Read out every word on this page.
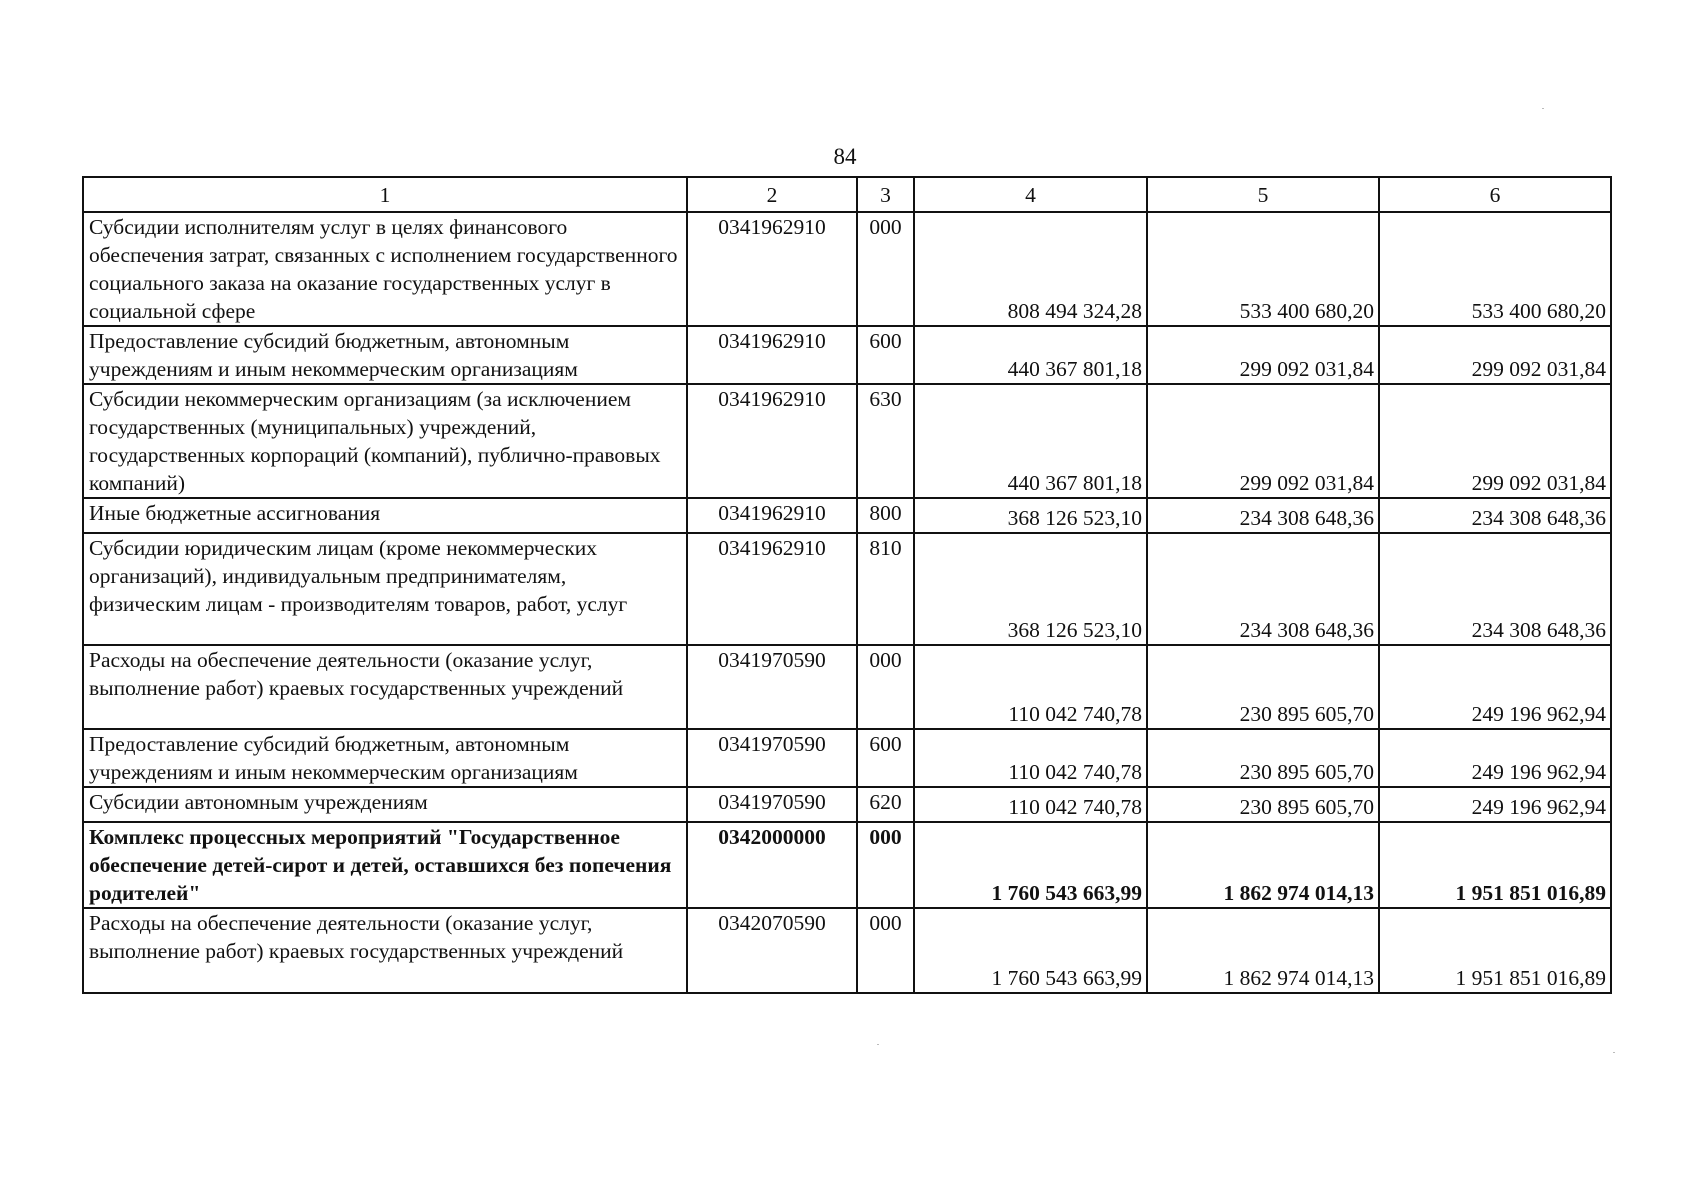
84
1	2	3	4	5	6
Субсидии исполнителям услуг в целях финансового обеспечения затрат, связанных с исполнением государственного социального заказа на оказание государственных услуг в социальной сфере	0341962910	000	808 494 324,28	533 400 680,20	533 400 680,20
Предоставление субсидий бюджетным, автономным учреждениям и иным некоммерческим организациям	0341962910	600	440 367 801,18	299 092 031,84	299 092 031,84
Субсидии некоммерческим организациям (за исключением государственных (муниципальных) учреждений, государственных корпораций (компаний), публично-правовых компаний)	0341962910	630	440 367 801,18	299 092 031,84	299 092 031,84
Иные бюджетные ассигнования	0341962910	800	368 126 523,10	234 308 648,36	234 308 648,36
Субсидии юридическим лицам (кроме некоммерческих организаций), индивидуальным предпринимателям, физическим лицам - производителям товаров, работ, услуг	0341962910	810	368 126 523,10	234 308 648,36	234 308 648,36
Расходы на обеспечение деятельности (оказание услуг, выполнение работ) краевых государственных учреждений	0341970590	000	110 042 740,78	230 895 605,70	249 196 962,94
Предоставление субсидий бюджетным, автономным учреждениям и иным некоммерческим организациям	0341970590	600	110 042 740,78	230 895 605,70	249 196 962,94
Субсидии автономным учреждениям	0341970590	620	110 042 740,78	230 895 605,70	249 196 962,94
Комплекс процессных мероприятий "Государственное обеспечение детей-сирот и детей, оставшихся без попечения родителей"	0342000000	000	1 760 543 663,99	1 862 974 014,13	1 951 851 016,89
Расходы на обеспечение деятельности (оказание услуг, выполнение работ) краевых государственных учреждений	0342070590	000	1 760 543 663,99	1 862 974 014,13	1 951 851 016,89
